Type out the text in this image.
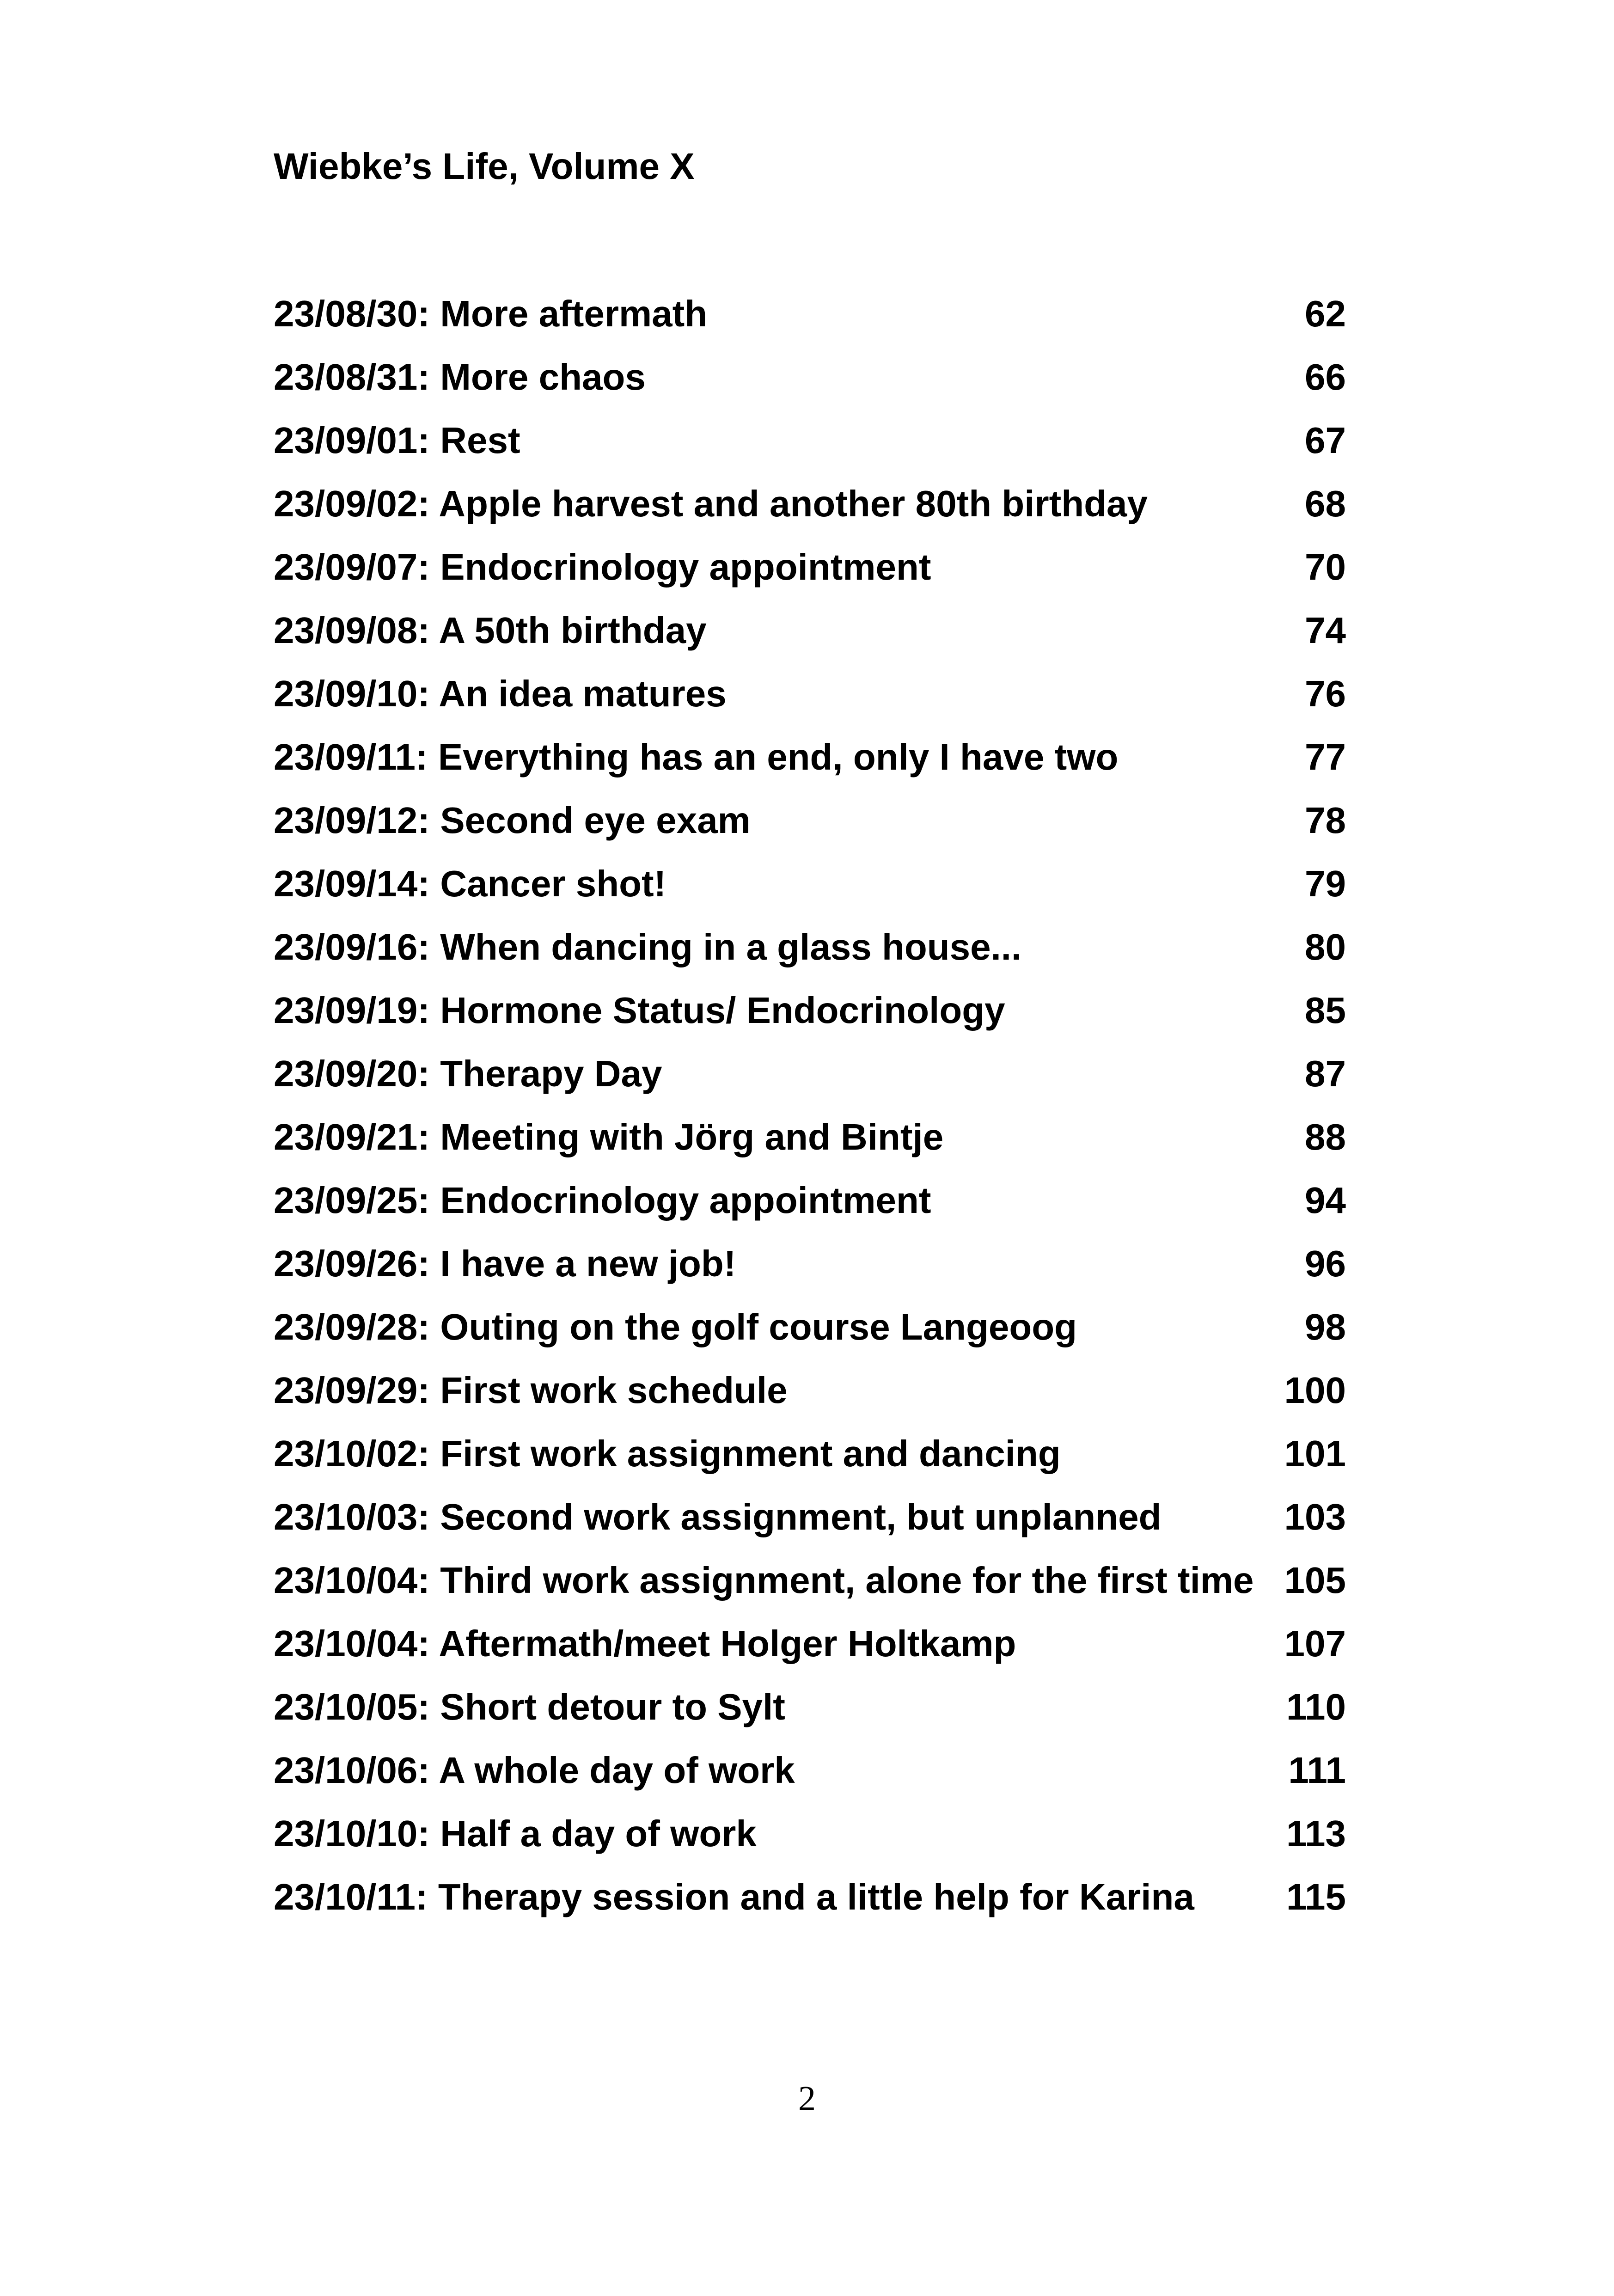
Wiebke’s Life, Volume X
23/08/30: More aftermath	62
23/08/31: More chaos	66
23/09/01: Rest	67
23/09/02: Apple harvest and another 80th birthday	68
23/09/07: Endocrinology appointment	70
23/09/08: A 50th birthday	74
23/09/10: An idea matures	76
23/09/11: Everything has an end, only I have two	77
23/09/12: Second eye exam	78
23/09/14: Cancer shot!	79
23/09/16: When dancing in a glass house...	80
23/09/19: Hormone Status/ Endocrinology	85
23/09/20: Therapy Day	87
23/09/21: Meeting with Jörg and Bintje	88
23/09/25: Endocrinology appointment	94
23/09/26: I have a new job!	96
23/09/28: Outing on the golf course Langeoog	98
23/09/29: First work schedule	100
23/10/02: First work assignment and dancing	101
23/10/03: Second work assignment, but unplanned	103
23/10/04: Third work assignment, alone for the first time 105
23/10/04: Aftermath/meet Holger Holtkamp	107
23/10/05: Short detour to Sylt	110
23/10/06: A whole day of work	111
23/10/10: Half a day of work	113
23/10/11: Therapy session and a little help for Karina 115
2
